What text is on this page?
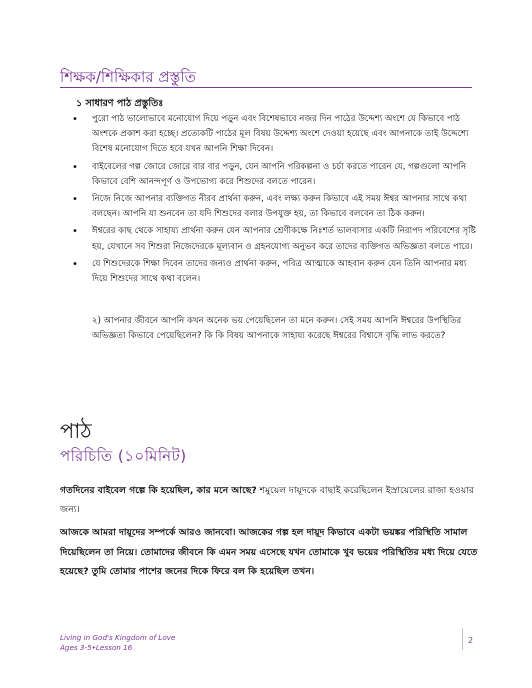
শিক্ষক/শিক্ষিকার প্রস্তুতি
১ সাধারণ পাঠ প্রস্তুতিঃ
• পুরো পাঠ ভালোভাবে মনোযোগ দিয়ে পড়ুন এবং বিশেষভাবে নজর দিন পাঠের উদ্দেশ্য অংশে যে কিভাবে পাঠ অংশকে প্রকাশ করা হচ্ছে। প্রত্যেকটি পাঠের মূল বিষয় উদ্দেশ্য অংশে দেওয়া হয়েছে এবং আপনাকে তাই উদ্দেশ্যে বিশেষ মনোযোগ দিতে হবে যখন আপনি শিক্ষা দিবেন।
• বাইবেলের গল্প জোরে জোরে বার বার পড়ুন, যেন আপনি পরিকল্পনা ও চর্চা করতে পারেন যে, গল্পগুলো আপনি কিভাবে বেশি আনন্দপূর্ণ ও উপভোগ্য করে শিশুদের বলতে পারেন।
• নিজে নিজে আপনার ব্যক্তিগত নীরব প্রার্থনা করুন, এবং লক্ষ্য করুন কিভাবে এই সময় ঈশ্বর আপনার সাথে কথা বলছেন। আপনি যা শুনবেন তা যদি শিশুদের বলার উপযুক্ত হয়, তা কিভাবে বলবেন তা ঠিক করুন।
• ঈশ্বরের কাছ থেকে সাহায্য প্রার্থনা করুন যেন আপনার শ্রেণীকক্ষে নিঃশর্ত ভালবাসার একটি নিরাপদ পরিবেশের সৃষ্টি হয়, যেখানে সব শিশুরা নিজেদেরকে মূল্যবান ও গ্রহনযোগ্য অনুভব করে তাদের ব্যক্তিগত অভিজ্ঞতা বলতে পারে।
• যে শিশুদেরকে শিক্ষা দিবেন তাদের জন্যও প্রার্থনা করুন, পবিত্র আত্মাকে আহবান করুন যেন তিনি আপনার মধ্য দিয়ে শিশুদের সাথে কথা বলেন।

২) আপনার জীবনে আপনি কখন অনেক ভয় পেয়েছিলেন তা মনে করুন। সেই সময় আপনি ঈশ্বরের উপস্থিতির অভিজ্ঞতা কিভাবে পেয়েছিলেন? কি কি বিষয় আপনাকে সাহায্য করেছে ঈশ্বরের বিশ্বাসে বৃদ্ধি লাভ করতে?

পাঠ
পরিচিতি (১০মিনিট)

গতদিনের বাইবেল গল্পে কি হয়েছিল, কার মনে আছে? শমুয়েল দায়ূদকে বাছাই করেছিলেন ইস্রায়েলের রাজা হওয়ার জন্য।

আজকে আমরা দায়ূদের সম্পর্কে আরও জানবো। আজকের গল্প হল দায়ূদ কিভাবে একটা ভয়ঙ্কর পরিস্থিতি সামাল দিয়েছিলেন তা নিয়ে। তোমাদের জীবনে কি এমন সময় এসেছে যখন তোমাকে খুব ভয়ের পরিস্থিতির মধ্য দিয়ে যেতে হয়েছে? তুমি তোমার পাশের জনের দিকে ফিরে বল কি হয়েছিল তখন।

Living in God's Kingdom of Love
Ages 3-5•Lesson 16
2
